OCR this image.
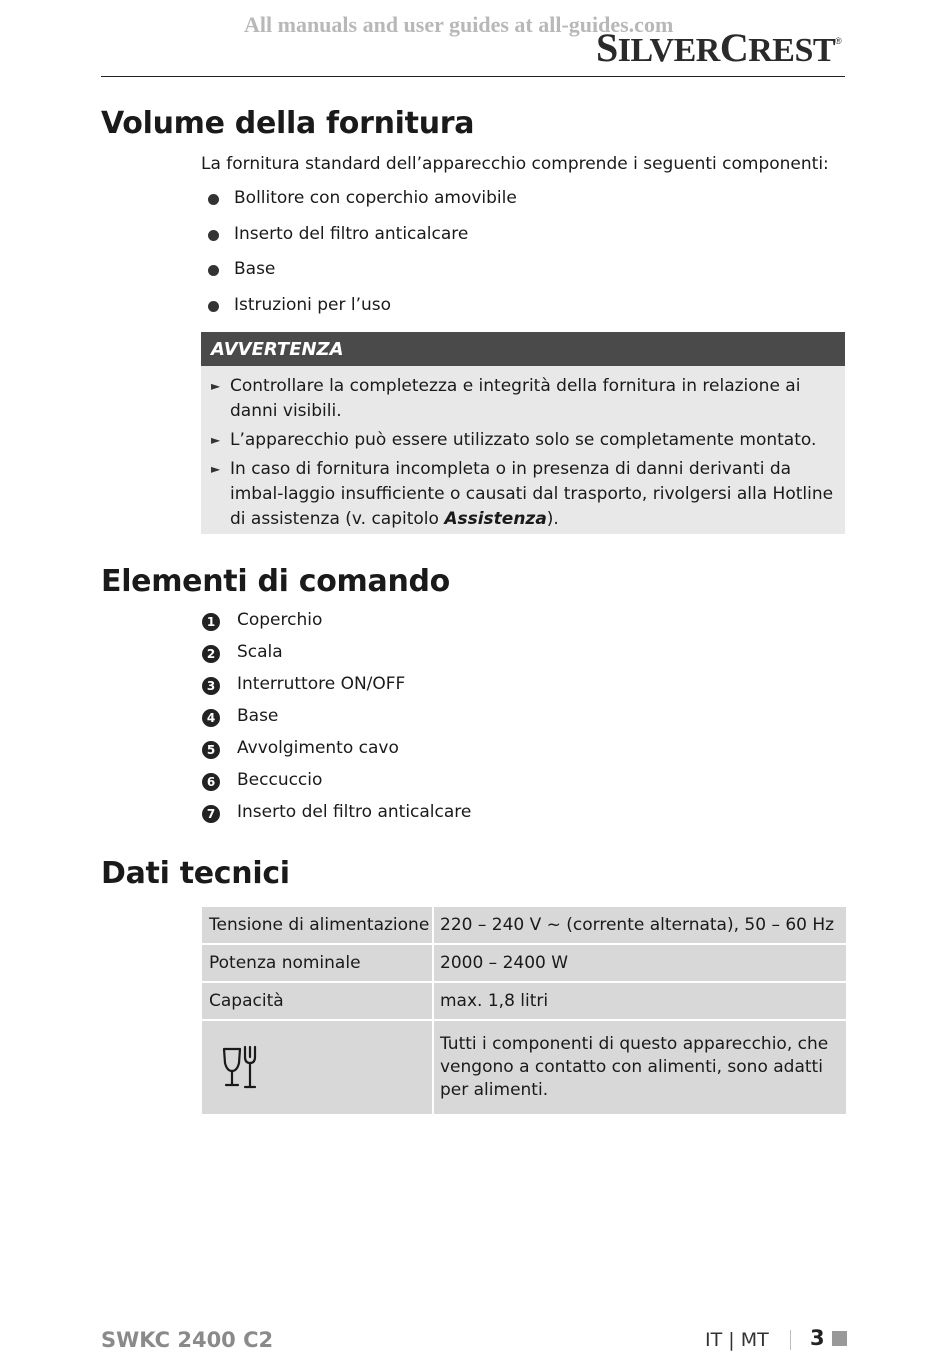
All manuals and user guides at all-guides.com
SILVERCREST®
Volume della fornitura
La fornitura standard dell’apparecchio comprende i seguenti componenti:
Bollitore con coperchio amovibile
Inserto del filtro anticalcare
Base
Istruzioni per l’uso
AVVERTENZA
► Controllare la completezza e integrità della fornitura in relazione ai danni visibili.
► L’apparecchio può essere utilizzato solo se completamente montato.
► In caso di fornitura incompleta o in presenza di danni derivanti da imbal-laggio insufficiente o causati dal trasporto, rivolgersi alla Hotline di assistenza (v. capitolo Assistenza).
Elementi di comando
1 Coperchio
2 Scala
3 Interruttore ON/OFF
4 Base
5 Avvolgimento cavo
6 Beccuccio
7 Inserto del filtro anticalcare
Dati tecnici
Tensione di alimentazione	220 – 240 V ~ (corrente alternata), 50 – 60 Hz
Potenza nominale	2000 – 2400 W
Capacità	max. 1,8 litri

	Tutti i componenti di questo apparecchio, che vengono a contatto con alimenti, sono adatti per alimenti.
SWKC 2400 C2	IT | MT 3
